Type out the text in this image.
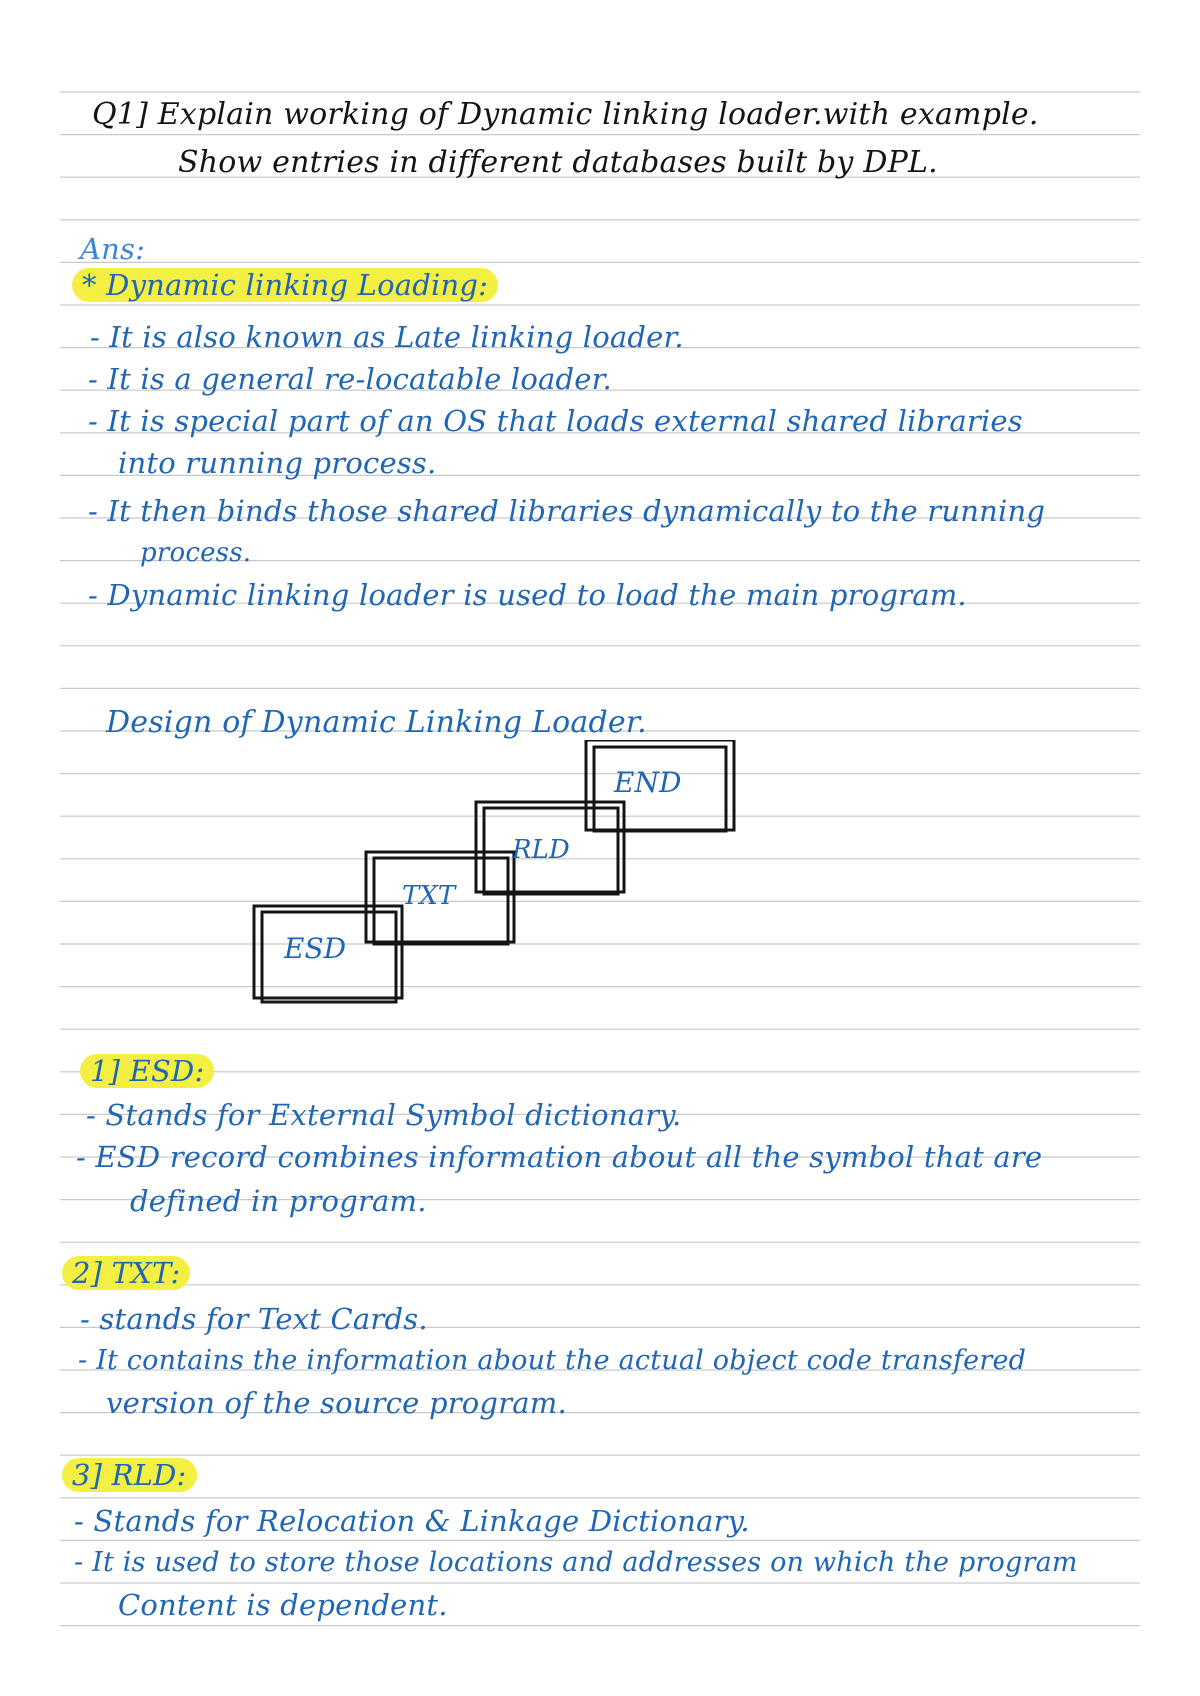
Q1] Explain working of Dynamic linking loader.with example.
Show entries in different databases built by DPL.
Ans:
* Dynamic linking Loading:
- It is also known as Late linking loader.
- It is a general re-locatable loader.
- It is special part of an OS that loads external shared libraries
into running process.
- It then binds those shared libraries dynamically to the running
process.
- Dynamic linking loader is used to load the main program.
Design of Dynamic Linking Loader.
END
RLD
TXT
ESD
1] ESD:
- Stands for External Symbol dictionary.
- ESD record combines information about all the symbol that are
defined in program.
2] TXT:
- stands for Text Cards.
- It contains the information about the actual object code transfered
version of the source program.
3] RLD:
- Stands for Relocation & Linkage Dictionary.
- It is used to store those locations and addresses on which the program
Content is dependent.
